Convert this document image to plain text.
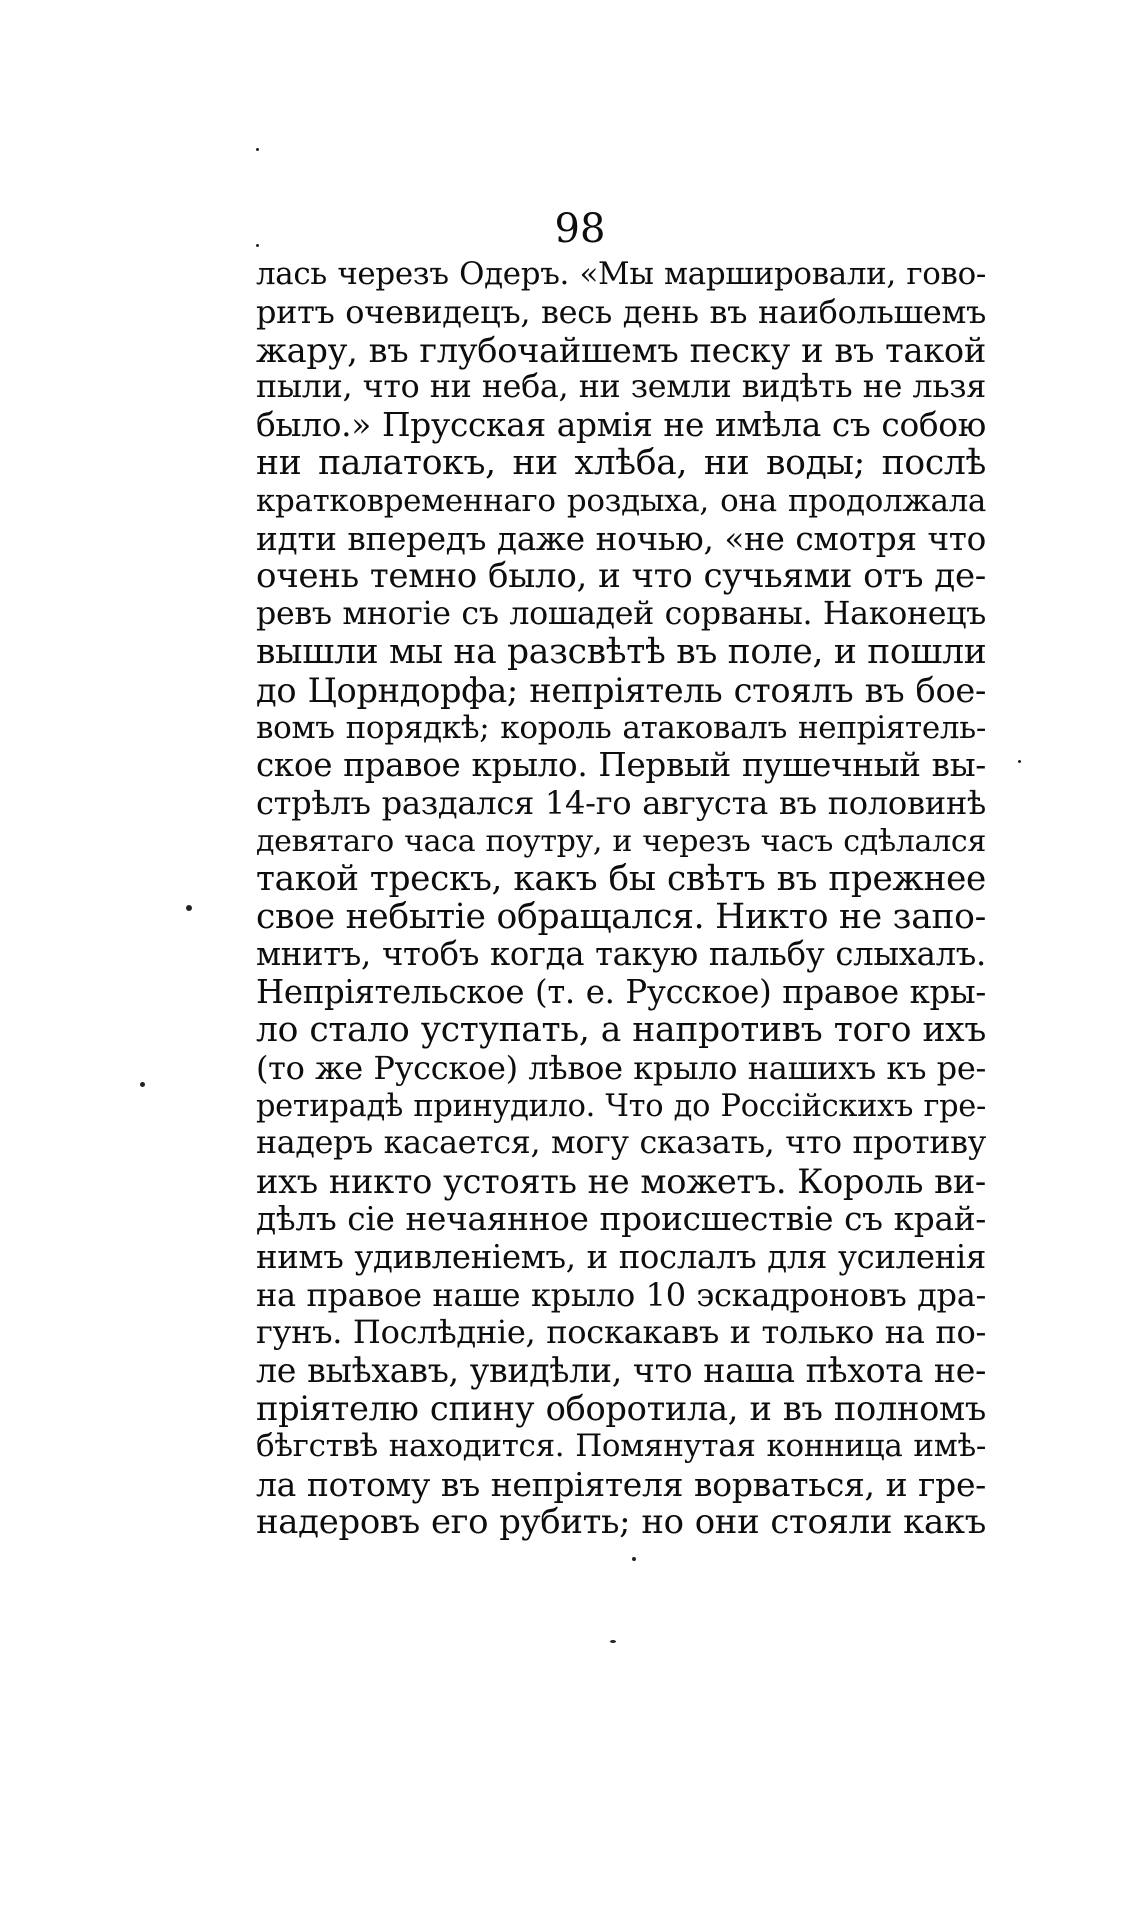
98
лась черезъ Одеръ. «Мы маршировали, гово-
ритъ очевидецъ, весь день въ наибольшемъ
жару, въ глубочайшемъ песку и въ такой
пыли, что ни неба, ни земли видѣть не льзя
было.» Прусская армія не имѣла съ собою
ни палатокъ, ни хлѣба, ни воды; послѣ
кратковременнаго роздыха, она продолжала
идти впередъ даже ночью, «не смотря что
очень темно было, и что сучьями отъ де-
ревъ многіе съ лошадей сорваны. Наконецъ
вышли мы на разсвѣтѣ въ поле, и пошли
до Цорндорфа; непріятель стоялъ въ бое-
вомъ порядкѣ; король атаковалъ непріятель-
ское правое крыло. Первый пушечный вы-
стрѣлъ раздался 14-го августа въ половинѣ
девятаго часа поутру, и черезъ часъ сдѣлался
такой трескъ, какъ бы свѣтъ въ прежнее
свое небытіе обращался. Никто не запо-
мнитъ, чтобъ когда такую пальбу слыхалъ.
Непріятельское (т. е. Русское) правое кры-
ло стало уступать, а напротивъ того ихъ
(то же Русское) лѣвое крыло нашихъ къ ре-
ретирадѣ принудило. Что до Россійскихъ гре-
надеръ касается, могу сказать, что противу
ихъ никто устоять не можетъ. Король ви-
дѣлъ сіе нечаянное происшествіе съ край-
нимъ удивленіемъ, и послалъ для усиленія
на правое наше крыло 10 эскадроновъ дра-
гунъ. Послѣдніе, поскакавъ и только на по-
ле выѣхавъ, увидѣли, что наша пѣхота не-
пріятелю спину оборотила, и въ полномъ
бѣгствѣ находится. Помянутая конница имѣ-
ла потому въ непріятеля ворваться, и гре-
надеровъ его рубить; но они стояли какъ
